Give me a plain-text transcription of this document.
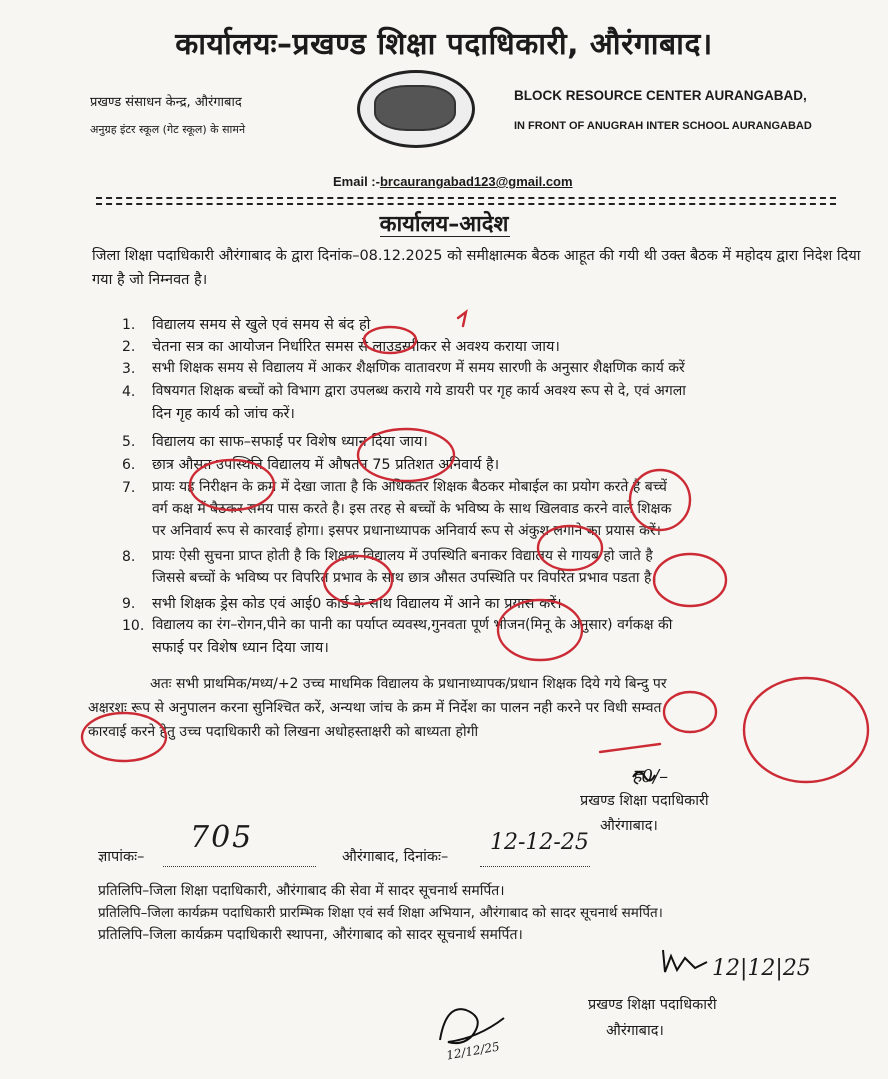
कार्यालयः–प्रखण्ड शिक्षा पदाधिकारी, औरंगाबाद।
प्रखण्ड संसाधन केन्द्र, औरंगाबाद
अनुग्रह इंटर स्कूल (गेट स्कूल) के सामने
BLOCK RESOURCE CENTER AURANGABAD,
IN FRONT OF ANUGRAH INTER SCHOOL AURANGABAD
Email :-brcaurangabad123@gmail.com
कार्यालय–आदेश
जिला शिक्षा पदाधिकारी औरंगाबाद के द्वारा दिनांक–08.12.2025 को समीक्षात्मक बैठक आहूत की गयी थी उक्त बैठक में महोदय द्वारा निदेश दिया गया है जो निम्नवत है।
1. विद्यालय समय से खुले एवं समय से बंद हो
2. चेतना सत्र का आयोजन निर्धारित समस से लाउडस्पीकर से अवश्य कराया जाय।
3. सभी शिक्षक समय से विद्यालय में आकर शैक्षणिक वातावरण में समय सारणी के अनुसार शैक्षणिक कार्य करें
4. विषयगत शिक्षक बच्चों को विभाग द्वारा उपलब्ध कराये गये डायरी पर गृह कार्य अवश्य रूप से दे, एवं अगला
दिन गृह कार्य को जांच करें।
5. विद्यालय का साफ–सफाई पर विशेष ध्यान दिया जाय।
6. छात्र औसत उपस्थिति विद्यालय में औषतन 75 प्रतिशत अनिवार्य है।
7. प्रायः यह निरीक्षन के क्रम में देखा जाता है कि अधिकतर शिक्षक बैठकर मोबाईल का प्रयोग करते है बच्चें
वर्ग कक्ष में बैठकर समय पास करते है। इस तरह से बच्चों के भविष्य के साथ खिलवाड करने वाले शिक्षक
पर अनिवार्य रूप से कारवाई होगा। इसपर प्रधानाध्यापक अनिवार्य रूप से अंकुश लगाने का प्रयास करें।
8. प्रायः ऐसी सुचना प्राप्त होती है कि शिक्षक विद्यालय में उपस्थिति बनाकर विद्यालय से गायब हो जाते है
जिससे बच्चों के भविष्य पर विपरित प्रभाव के साथ छात्र औसत उपस्थिति पर विपरित प्रभाव पडता है।
9. सभी शिक्षक ड्रेस कोड एवं आई0 कार्ड के साथ विद्यालय में आने का प्रयास करें।
10. विद्यालय का रंग–रोगन,पीने का पानी का पर्याप्त व्यवस्थ,गुनवता पूर्ण भोजन(मिनू के अनुसार) वर्गकक्ष की
सफाई पर विशेष ध्यान दिया जाय।
अतः सभी प्राथमिक/मध्य/+2 उच्च माधमिक विद्यालय के प्रधानाध्यापक/प्रधान शिक्षक दिये गये बिन्दु पर
अक्षरशः रूप से अनुपालन करना सुनिश्चित करें, अन्यथा जांच के क्रम में निर्देश का पालन नही करने पर विधी सम्वत
कारवाई करने हेतु उच्च पदाधिकारी को लिखना अधोहस्ताक्षरी को बाध्यता होगी
ह0/–
प्रखण्ड शिक्षा पदाधिकारी
औरंगाबाद।
ज्ञापांकः–
705
औरंगाबाद, दिनांकः–
12-12-25
प्रतिलिपि–जिला शिक्षा पदाधिकारी, औरंगाबाद की सेवा में सादर सूचनार्थ समर्पित।
प्रतिलिपि–जिला कार्यक्रम पदाधिकारी प्रारम्भिक शिक्षा एवं सर्व शिक्षा अभियान, औरंगाबाद को सादर सूचनार्थ समर्पित।
प्रतिलिपि–जिला कार्यक्रम पदाधिकारी स्थापना, औरंगाबाद को सादर सूचनार्थ समर्पित।
12|12|25
प्रखण्ड शिक्षा पदाधिकारी
औरंगाबाद।
12/12/25
